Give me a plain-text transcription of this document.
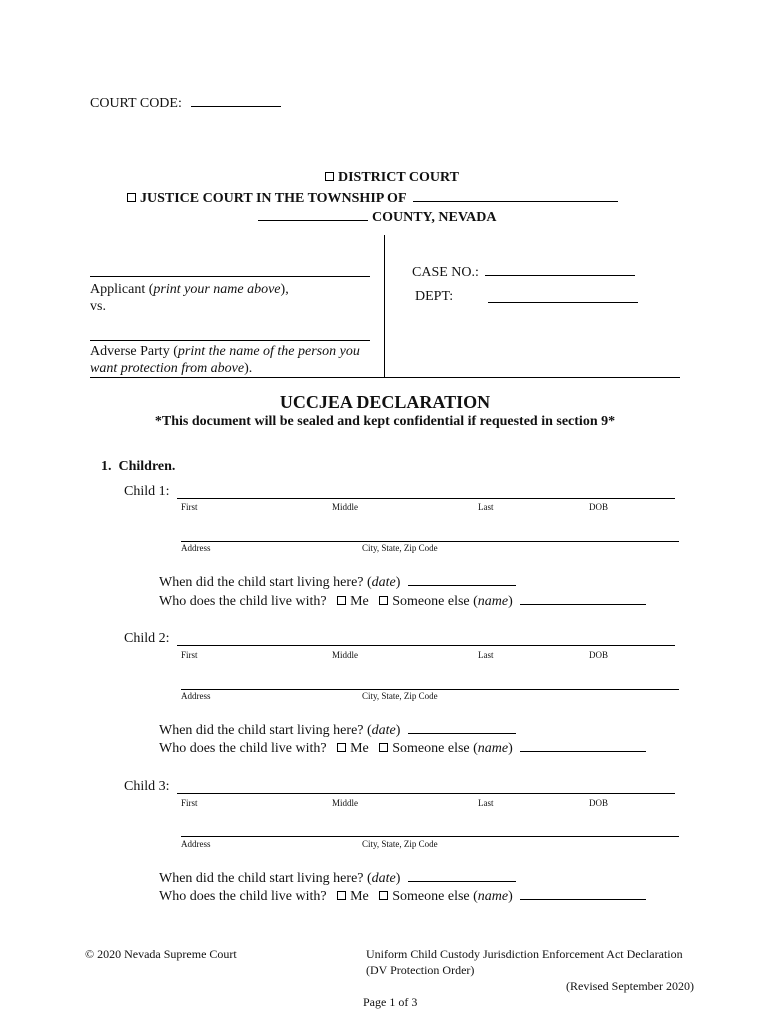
COURT CODE:
DISTRICT COURT
JUSTICE COURT IN THE TOWNSHIP OF
COUNTY, NEVADA
Applicant (print your name above),
vs.
Adverse Party (print the name of the person you
want protection from above).
CASE NO.:
DEPT:
UCCJEA DECLARATION
*This document will be sealed and kept confidential if requested in section 9*
1. Children.
Child 1:
First	Middle	Last	DOB
Address	City, State, Zip Code
When did the child start living here? (date)
Who does the child live with? Me Someone else (name)
Child 2:
First	Middle	Last	DOB
Address	City, State, Zip Code
When did the child start living here? (date)
Who does the child live with? Me Someone else (name)
Child 3:
First	Middle	Last	DOB
Address	City, State, Zip Code
When did the child start living here? (date)
Who does the child live with? Me Someone else (name)
© 2020 Nevada Supreme Court	Uniform Child Custody Jurisdiction Enforcement Act Declaration
(DV Protection Order)
(Revised September 2020)
Page 1 of 3
